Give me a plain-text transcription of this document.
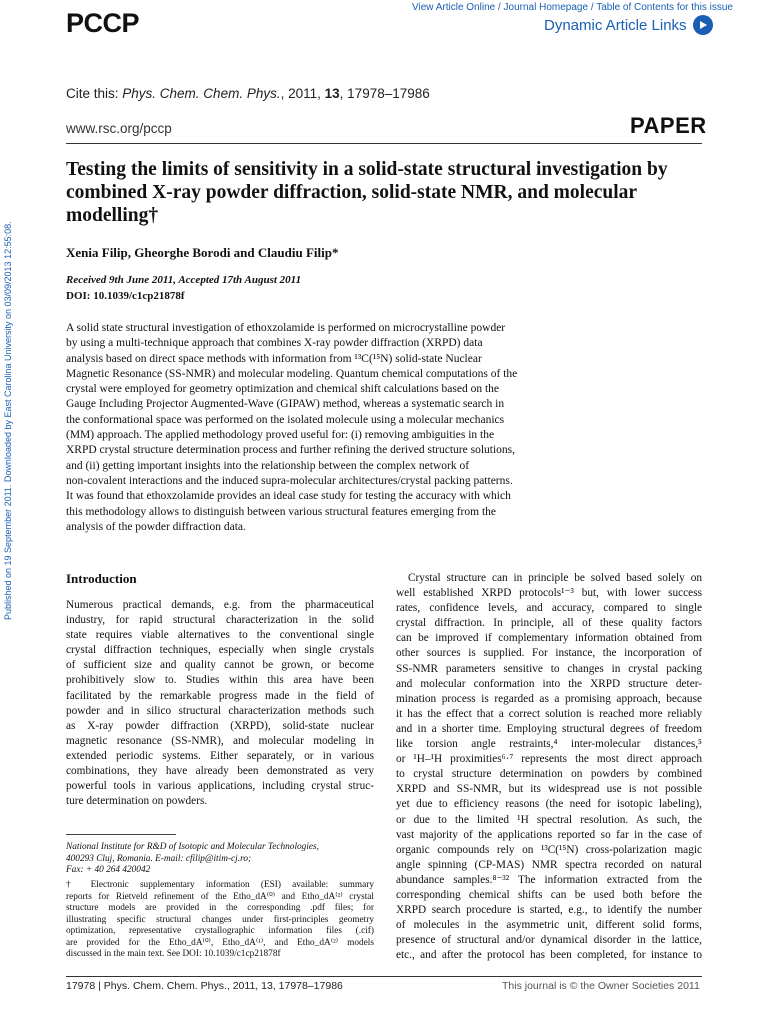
PCCP
View Article Online / Journal Homepage / Table of Contents for this issue
Dynamic Article Links
Cite this: Phys. Chem. Chem. Phys., 2011, 13, 17978–17986
www.rsc.org/pccp	PAPER
Published on 19 September 2011. Downloaded by East Carolina University on 03/09/2013 12:55:08.
Testing the limits of sensitivity in a solid-state structural investigation by
combined X-ray powder diffraction, solid-state NMR, and molecular
modelling†
Xenia Filip, Gheorghe Borodi and Claudiu Filip*
Received 9th June 2011, Accepted 17th August 2011
DOI: 10.1039/c1cp21878f
A solid state structural investigation of ethoxzolamide is performed on microcrystalline powder
by using a multi-technique approach that combines X-ray powder diffraction (XRPD) data
analysis based on direct space methods with information from ¹³C(¹⁵N) solid-state Nuclear
Magnetic Resonance (SS-NMR) and molecular modeling. Quantum chemical computations of the
crystal were employed for geometry optimization and chemical shift calculations based on the
Gauge Including Projector Augmented-Wave (GIPAW) method, whereas a systematic search in
the conformational space was performed on the isolated molecule using a molecular mechanics
(MM) approach. The applied methodology proved useful for: (i) removing ambiguities in the
XRPD crystal structure determination process and further refining the derived structure solutions,
and (ii) getting important insights into the relationship between the complex network of
non-covalent interactions and the induced supra-molecular architectures/crystal packing patterns.
It was found that ethoxzolamide provides an ideal case study for testing the accuracy with which
this methodology allows to distinguish between various structural features emerging from the
analysis of the powder diffraction data.
Introduction
Numerous practical demands, e.g. from the pharmaceutical
industry, for rapid structural characterization in the solid
state requires viable alternatives to the conventional single
crystal diffraction techniques, especially when single crystals
of sufficient size and quality cannot be grown, or become
prohibitively slow to. Studies within this area have been
facilitated by the remarkable progress made in the field of
powder and in silico structural characterization methods such
as X-ray powder diffraction (XRPD), solid-state nuclear
magnetic resonance (SS-NMR), and molecular modeling in
extended periodic systems. Either separately, or in various
combinations, they have already been demonstrated as very
powerful tools in various applications, including crystal struc-
ture determination on powders.
Crystal structure can in principle be solved based solely on
well established XRPD protocols¹⁻³ but, with lower success
rates, confidence levels, and accuracy, compared to single
crystal diffraction. In principle, all of these quality factors
can be improved if complementary information obtained from
other sources is supplied. For instance, the incorporation of
SS-NMR parameters sensitive to changes in crystal packing
and molecular conformation into the XRPD structure deter-
mination process is regarded as a promising approach, because
it has the effect that a correct solution is reached more reliably
and in a shorter time. Employing structural degrees of freedom
like torsion angle restraints,⁴ inter-molecular distances,⁵
or ¹H–¹H proximities⁶·⁷ represents the most direct approach
to crystal structure determination on powders by combined
XRPD and SS-NMR, but its widespread use is not possible
yet due to efficiency reasons (the need for isotopic labeling),
or due to the limited ¹H spectral resolution. As such, the
vast majority of the applications reported so far in the case of
organic compounds rely on ¹³C(¹⁵N) cross-polarization magic
angle spinning (CP-MAS) NMR spectra recorded on natural
abundance samples.⁸⁻³² The information extracted from the
corresponding chemical shifts can be used both before the
XRPD search procedure is started, e.g., to identify the number
of molecules in the asymmetric unit, different solid forms,
presence of structural and/or dynamical disorder in the lattice,
etc., and after the protocol has been completed, for instance to
National Institute for R&D of Isotopic and Molecular Technologies,
400293 Cluj, Romania. E-mail: cfilip@itim-cj.ro;
Fax: + 40 264 420042
† Electronic supplementary information (ESI) available: summary
reports for Rietveld refinement of the Etho_dA⁽⁰⁾ and Etho_dA⁽²⁾ crystal
structure models are provided in the corresponding .pdf files; for
illustrating specific structural changes under first-principles geometry
optimization, representative crystallographic information files (.cif)
are provided for the Etho_dA⁽⁰⁾, Etho_dA⁽¹⁾, and Etho_dA⁽²⁾ models
discussed in the main text. See DOI: 10.1039/c1cp21878f
17978 | Phys. Chem. Chem. Phys., 2011, 13, 17978–17986	This journal is © the Owner Societies 2011
